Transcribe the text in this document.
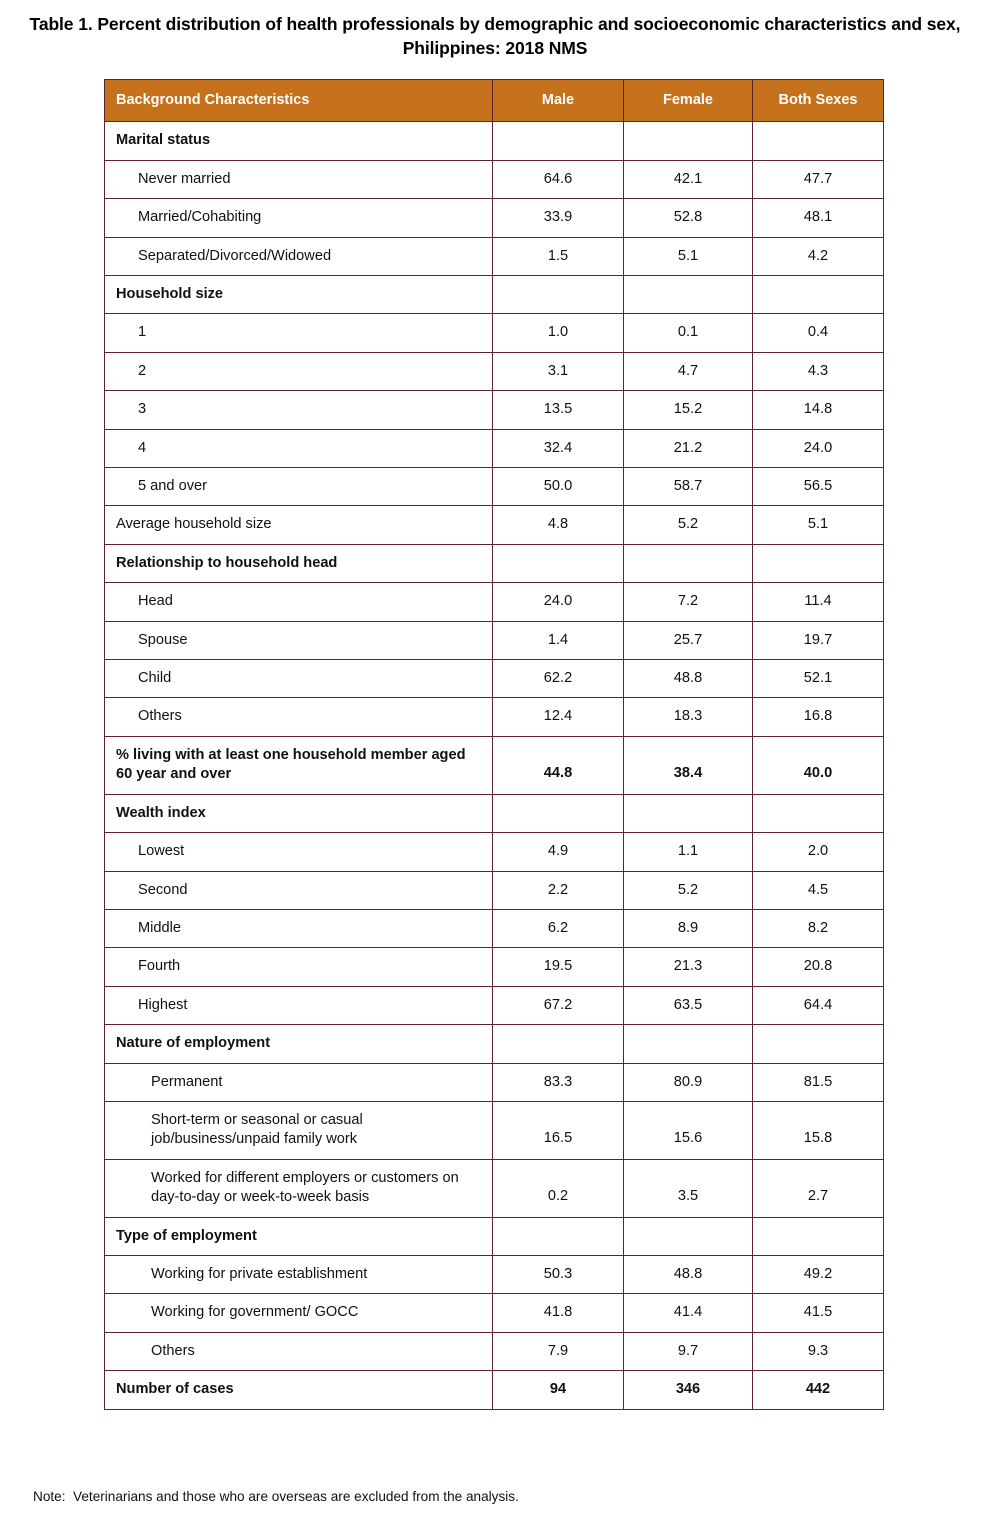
Table 1. Percent distribution of health professionals by demographic and socioeconomic characteristics and sex,
Philippines: 2018 NMS
Background Characteristics	Male	Female	Both Sexes
Marital status			
Never married	64.6	42.1	47.7
Married/Cohabiting	33.9	52.8	48.1
Separated/Divorced/Widowed	1.5	5.1	4.2
Household size			
1	1.0	0.1	0.4
2	3.1	4.7	4.3
3	13.5	15.2	14.8
4	32.4	21.2	24.0
5 and over	50.0	58.7	56.5
Average household size	4.8	5.2	5.1
Relationship to household head			
Head	24.0	7.2	11.4
Spouse	1.4	25.7	19.7
Child	62.2	48.8	52.1
Others	12.4	18.3	16.8
% living with at least one household member aged 60 year and over	44.8	38.4	40.0
Wealth index			
Lowest	4.9	1.1	2.0
Second	2.2	5.2	4.5
Middle	6.2	8.9	8.2
Fourth	19.5	21.3	20.8
Highest	67.2	63.5	64.4
Nature of employment			
Permanent	83.3	80.9	81.5
Short-term or seasonal or casual job/business/unpaid family work	16.5	15.6	15.8
Worked for different employers or customers on day-to-day or week-to-week basis	0.2	3.5	2.7
Type of employment			
Working for private establishment	50.3	48.8	49.2
Working for government/ GOCC	41.8	41.4	41.5
Others	7.9	9.7	9.3
Number of cases	94	346	442
Note:  Veterinarians and those who are overseas are excluded from the analysis.
